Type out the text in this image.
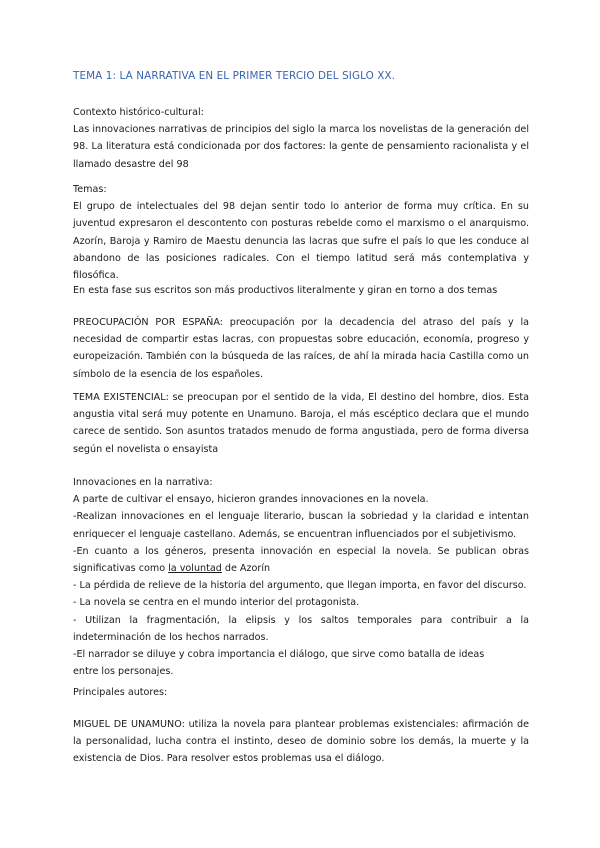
TEMA 1: LA NARRATIVA EN EL PRIMER TERCIO DEL SIGLO XX.

Contexto histórico-cultural:

Las innovaciones narrativas de principios del siglo la marca los novelistas de la generación del 98. La literatura está condicionada por dos factores: la gente de pensamiento racionalista y el llamado desastre del 98

Temas:

El grupo de intelectuales del 98 dejan sentir todo lo anterior de forma muy crítica. En su juventud expresaron el descontento con posturas rebelde como el marxismo o el anarquismo. Azorín, Baroja y Ramiro de Maestu denuncia las lacras que sufre el país lo que les conduce al abandono de las posiciones radicales. Con el tiempo latitud será más contemplativa y filosófica.

En esta fase sus escritos son más productivos literalmente y giran en torno a dos temas

PREOCUPACIÓN POR ESPAÑA: preocupación por la decadencia del atraso del país y la necesidad de compartir estas lacras, con propuestas sobre educación, economía, progreso y europeización. También con la búsqueda de las raíces, de ahí la mirada hacia Castilla como un símbolo de la esencia de los españoles.

TEMA EXISTENCIAL: se preocupan por el sentido de la vida, El destino del hombre, dios. Esta angustia vital será muy potente en Unamuno. Baroja, el más escéptico declara que el mundo carece de sentido. Son asuntos tratados menudo de forma angustiada, pero de forma diversa según el novelista o ensayista

Innovaciones en la narrativa:

A parte de cultivar el ensayo, hicieron grandes innovaciones en la novela.

-Realizan innovaciones en el lenguaje literario, buscan la sobriedad y la claridad e intentan enriquecer el lenguaje castellano. Además, se encuentran influenciados por el subjetivismo.

-En cuanto a los géneros, presenta innovación en especial la novela. Se publican obras significativas como la voluntad de Azorín

- La pérdida de relieve de la historia del argumento, que llegan importa, en favor del discurso.

- La novela se centra en el mundo interior del protagonista.

- Utilizan la fragmentación, la elipsis y los saltos temporales para contribuir a la indeterminación de los hechos narrados.

-El narrador se diluye y cobra importancia el diálogo, que sirve como batalla de ideas

entre los personajes.

Principales autores:

MIGUEL DE UNAMUNO: utiliza la novela para plantear problemas existenciales: afirmación de la personalidad, lucha contra el instinto, deseo de dominio sobre los demás, la muerte y la existencia de Dios. Para resolver estos problemas usa el diálogo.
